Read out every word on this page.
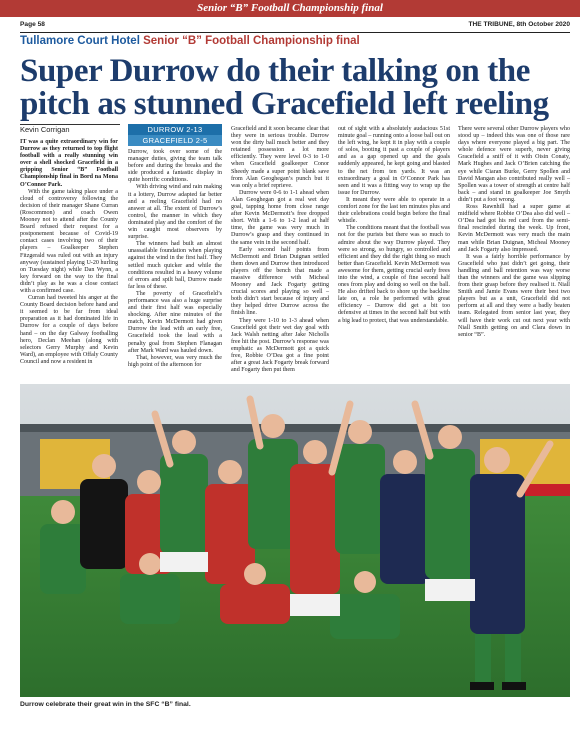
Senior “B” Football Championship final
Page 58	THE TRIBUNE, 8th October 2020
Tullamore Court Hotel Senior “B” Football Championship final
Super Durrow do their talking on the pitch as stunned Gracefield left reeling
Kevin Corrigan	DURROW 2-13
GRACEFIELD 2-5

IT was a quite extraordinary win for Durrow as they returned to top flight football with a really stunning win over a shell shocked Gracefield in a gripping Senior “B” Football Championship final in Bord na Mona O’Connor Park.

With the game taking place under a cloud of controversy following the decision of their manager Shane Curran (Roscommon) and coach Owen Mooney not to attend after the County Board refused their request for a postponement because of Covid-19 contact cases involving two of their players – Goalkeeper Stephen Fitzgerald was ruled out with an injury anyway (sustained playing U-20 hurling on Tuesday night) while Dan Wynn, a key forward on the way to the final didn’t play as he was a close contact with a confirmed case.

Curran had tweeted his anger at the County Board decision before hand and it seemed to be far from ideal preparation as it had dominated life in Durrow for a couple of days before hand – on the day Galway footballing hero, Declan Meehan (along with selectors Gerry Murphy and Kevin Ward), an employee with Offaly County Council and now a resident in

Durrow, took over some of the manager duties, giving the team talk before and during the breaks and the side produced a fantastic display in quite horrific conditions.

With driving wind and rain making it a lottery, Durrow adapted far better and a reeling Gracefield had no answer at all. The extent of Durrow’s control, the manner in which they dominated play and the comfort of the win caught most observers by surprise.

The winners had built an almost unassailable foundation when playing against the wind in the first half. They settled much quicker and while the conditions resulted in a heavy volume of errors and spilt ball, Durrow made far less of these.

The poverty of Gracefield’s performance was also a huge surprise and their first half was especially shocking. After nine minutes of the match, Kevin McDermott had given Durrow the lead with an early free, Gracefield took the lead with a penalty goal from Stephen Flanagan after Mark Ward was hauled down.

That, however, was very much the high point of the afternoon for

Gracefield and it soon became clear that they were in serious trouble. Durrow won the dirty ball much better and they retained possession a lot more efficiently. They were level 0-3 to 1-0 when Gracefield goalkeeper Conor Sheedy made a super point blank save from Alan Geoghegan’s punch but it was only a brief reprieve.

Durrow were 0-6 to 1-1 ahead when Alan Geoghegan got a real wet day goal, tapping home from close range after Kevin McDermott’s free dropped short. With a 1-6 to 1-2 lead at half time, the game was very much in Durrow’s grasp and they continued in the same vein in the second half.

Early second half points from McDermott and Brian Duignan settled them down and Durrow then introduced players off the bench that made a massive difference with Micheal Mooney and Jack Fogarty getting crucial scores and playing so well – both didn’t start because of injury and they helped drive Durrow across the finish line.

They were 1-10 to 1-3 ahead when Gracefield got their wet day goal with Jack Walsh netting after Jake Nicholls free hit the post. Durrow’s response was emphatic as McDermott got a quick free, Robbie O’Dea got a fine point after a great Jack Fogarty break forward and Fogarty then put them

out of sight with a absolutely audacious 51st minute goal – running onto a loose ball out on the left wing, he kept it in play with a couple of solos, booting it past a couple of players and as a gap opened up and the goals suddenly appeared, he kept going and blasted to the net from ten yards. It was an extraordinary a goal in O’Connor Park has seen and it was a fitting way to wrap up the issue for Durrow.

It meant they were able to operate in a comfort zone for the last ten minutes plus and their celebrations could begin before the final whistle.

The conditions meant that the football was not for the purists but there was so much to admire about the way Durrow played. They were so strong, so hungry, so controlled and efficient and they did the right thing so much better than Gracefield. Kevin McDermott was awesome for them, getting crucial early frees into the wind, a couple of fine second half ones from play and doing so well on the ball. He also drifted back to shore up the backline late on, a role he performed with great efficiency – Durrow did get a bit too defensive at times in the second half but with a big lead to protect, that was understandable.

There were several other Durrow players who stood up – indeed this was one of those rare days where everyone played a big part. The whole defence were superb, never giving Gracefield a sniff of it with Oisin Conaty, Mark Hughes and Jack O’Brien catching the eye while Ciaran Burke, Gerry Spollen and David Mangan also contributed really well – Spollen was a tower of strength at centre half back – and stand in goalkeeper Joe Smyth didn’t put a foot wrong.

Ross Rawnhill had a super game at midfield where Robbie O’Dea also did well – O’Dea had got his red card from the semi-final rescinded during the week. Up front, Kevin McDermott was very much the main man while Brian Duignan, Micheal Mooney and Jack Fogarty also impressed.

It was a fairly horrible performance by Gracefield who just didn’t get going, their handling and ball retention was way worse than the winners and the game was slipping from their grasp before they realised it. Niall Smith and Jamie Evans were their best two players but as a unit, Gracefield did not perform at all and they were a badly beaten team. Relegated from senior last year, they will have their work cut out next year with Niall Smith getting on and Clara down in senior “B”.

Durrow celebrate their great win in the SFC “B” final.
